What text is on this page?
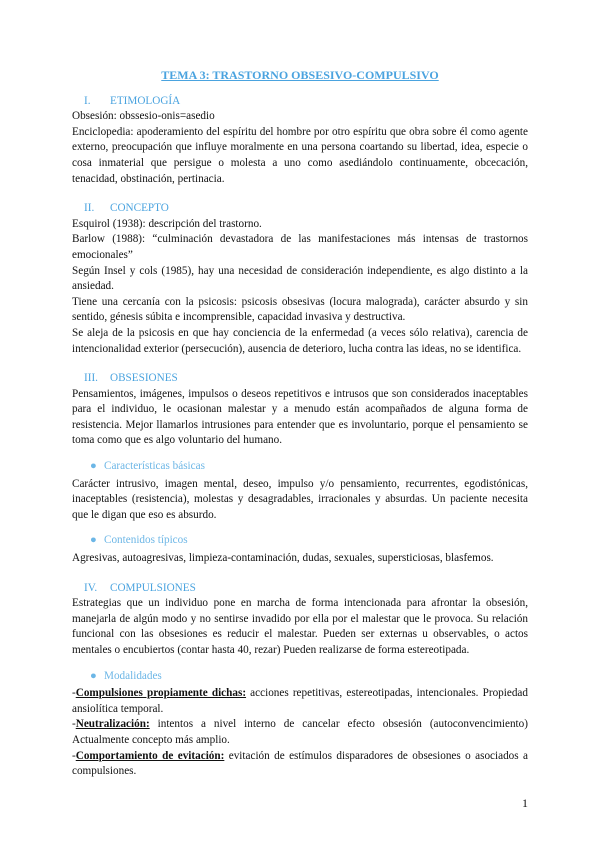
TEMA 3: TRASTORNO OBSESIVO-COMPULSIVO
I. ETIMOLOGÍA

Obsesión: obssesio-onis=asedio

Enciclopedia: apoderamiento del espíritu del hombre por otro espíritu que obra sobre él como agente externo, preocupación que influye moralmente en una persona coartando su libertad, idea, especie o cosa inmaterial que persigue o molesta a uno como asediándolo continuamente, obcecación, tenacidad, obstinación, pertinacia.

II. CONCEPTO

Esquirol (1938): descripción del trastorno.

Barlow (1988): “culminación devastadora de las manifestaciones más intensas de trastornos emocionales”

Según Insel y cols (1985), hay una necesidad de consideración independiente, es algo distinto a la ansiedad.

Tiene una cercanía con la psicosis: psicosis obsesivas (locura malograda), carácter absurdo y sin sentido, génesis súbita e incomprensible, capacidad invasiva y destructiva.

Se aleja de la psicosis en que hay conciencia de la enfermedad (a veces sólo relativa), carencia de intencionalidad exterior (persecución), ausencia de deterioro, lucha contra las ideas, no se identifica.

III. OBSESIONES

Pensamientos, imágenes, impulsos o deseos repetitivos e intrusos que son considerados inaceptables para el individuo, le ocasionan malestar y a menudo están acompañados de alguna forma de resistencia. Mejor llamarlos intrusiones para entender que es involuntario, porque el pensamiento se toma como que es algo voluntario del humano.

● Características básicas

Carácter intrusivo, imagen mental, deseo, impulso y/o pensamiento, recurrentes, egodistónicas, inaceptables (resistencia), molestas y desagradables, irracionales y absurdas. Un paciente necesita que le digan que eso es absurdo.

● Contenidos típicos

Agresivas, autoagresivas, limpieza-contaminación, dudas, sexuales, supersticiosas, blasfemos.

IV. COMPULSIONES

Estrategias que un individuo pone en marcha de forma intencionada para afrontar la obsesión, manejarla de algún modo y no sentirse invadido por ella por el malestar que le provoca. Su relación funcional con las obsesiones es reducir el malestar. Pueden ser externas u observables, o actos mentales o encubiertos (contar hasta 40, rezar) Pueden realizarse de forma estereotipada.

● Modalidades

-Compulsiones propiamente dichas: acciones repetitivas, estereotipadas, intencionales. Propiedad ansiolítica temporal.

-Neutralización: intentos a nivel interno de cancelar efecto obsesión (autoconvencimiento) Actualmente concepto más amplio.

-Comportamiento de evitación: evitación de estímulos disparadores de obsesiones o asociados a compulsiones.

1
